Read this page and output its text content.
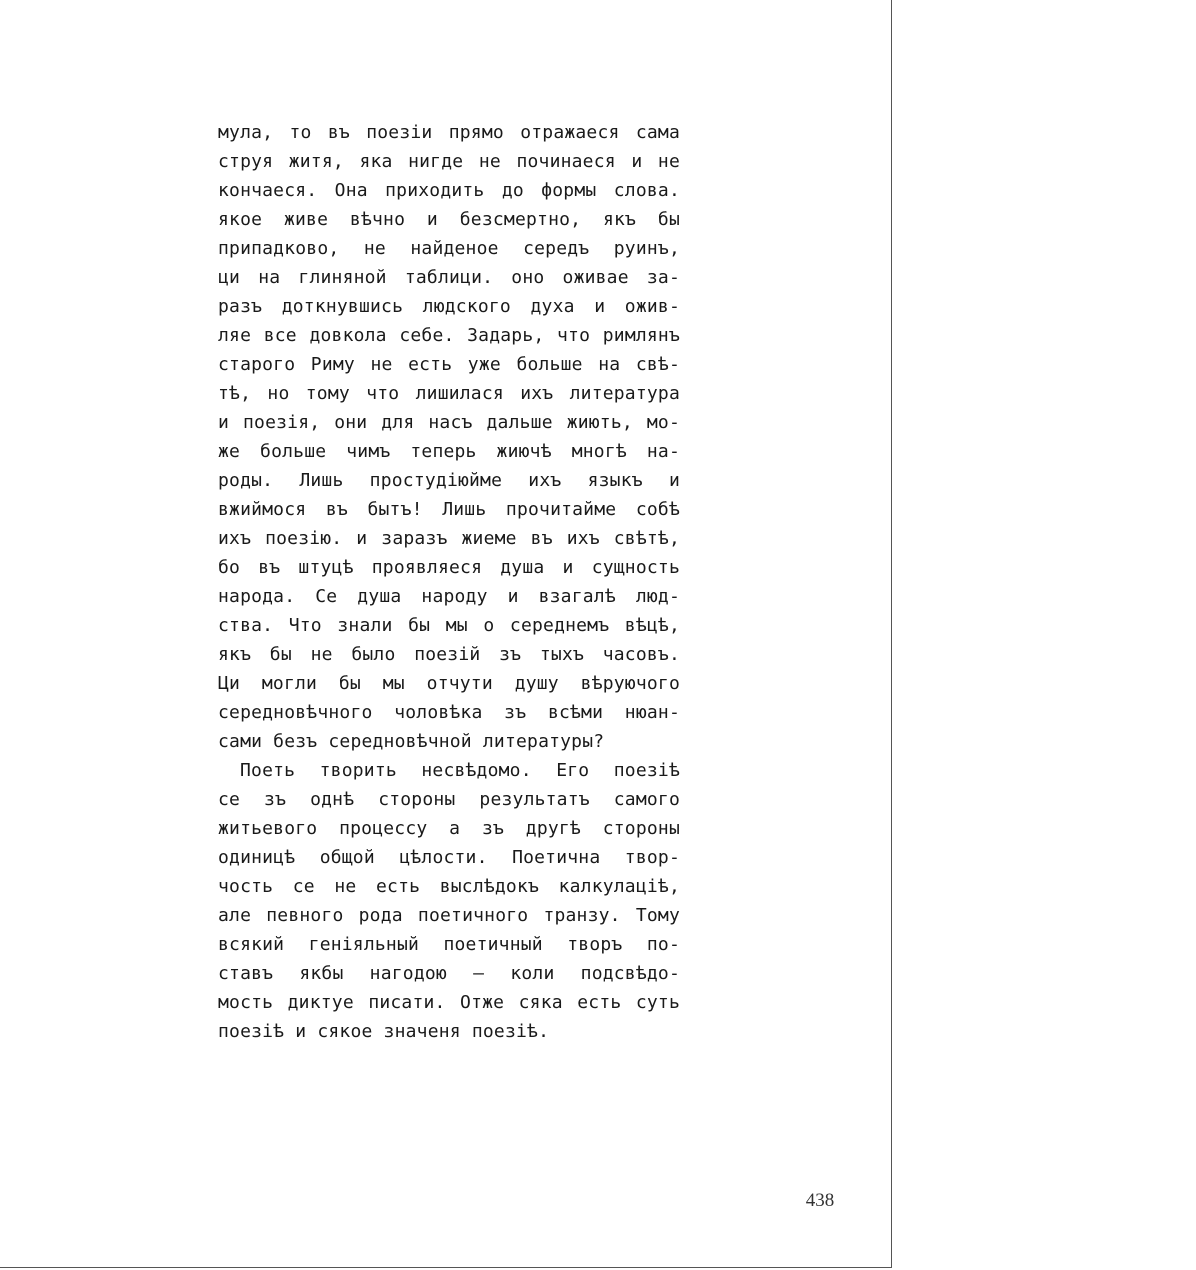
мула, то въ поезіи прямо отражаеся сама
струя житя, яка нигде не починаеся и не
кончаеся. Она приходить до формы слова.
якое живе вѣчно и безсмертно, якъ бы
припадково, не найденое середъ руинъ,
ци на глиняной таблици. оно оживае за-
разъ доткнувшись людского духа и ожив-
ляе все довкола себе. Задарь, что римлянъ
старого Риму не есть уже больше на свѣ-
тѣ, но тому что лишилася ихъ литература
и поезія, они для насъ дальше жиють, мо-
же больше чимъ теперь жиючѣ многѣ на-
роды. Лишь простудіюйме ихъ языкъ и
вжиймося въ бытъ! Лишь прочитайме собѣ
ихъ поезію. и заразъ жиеме въ ихъ свѣтѣ,
бо въ штуцѣ проявляеся душа и сущность
народа. Се душа народу и взагалѣ люд-
ства. Что знали бы мы о середнемъ вѣцѣ,
якъ бы не было поезій зъ тыхъ часовъ.
Ци могли бы мы отчути душу вѣруючого
середновѣчного чоловѣка зъ всѣми нюан-
сами безъ середновѣчной литературы?
Поеть творить несвѣдомо. Его поезіѣ
се зъ однѣ стороны результатъ самого
житьевого процессу а зъ другѣ стороны
одиницѣ общой цѣлости. Поетична твор-
чость се не есть выслѣдокъ калкулаціѣ,
але певного рода поетичного транзу. Тому
всякий геніяльный поетичный творъ по-
ставъ якбы нагодою — коли подсвѣдо-
мость диктуе писати. Отже сяка есть суть
поезіѣ и сякое значеня поезіѣ.
438
